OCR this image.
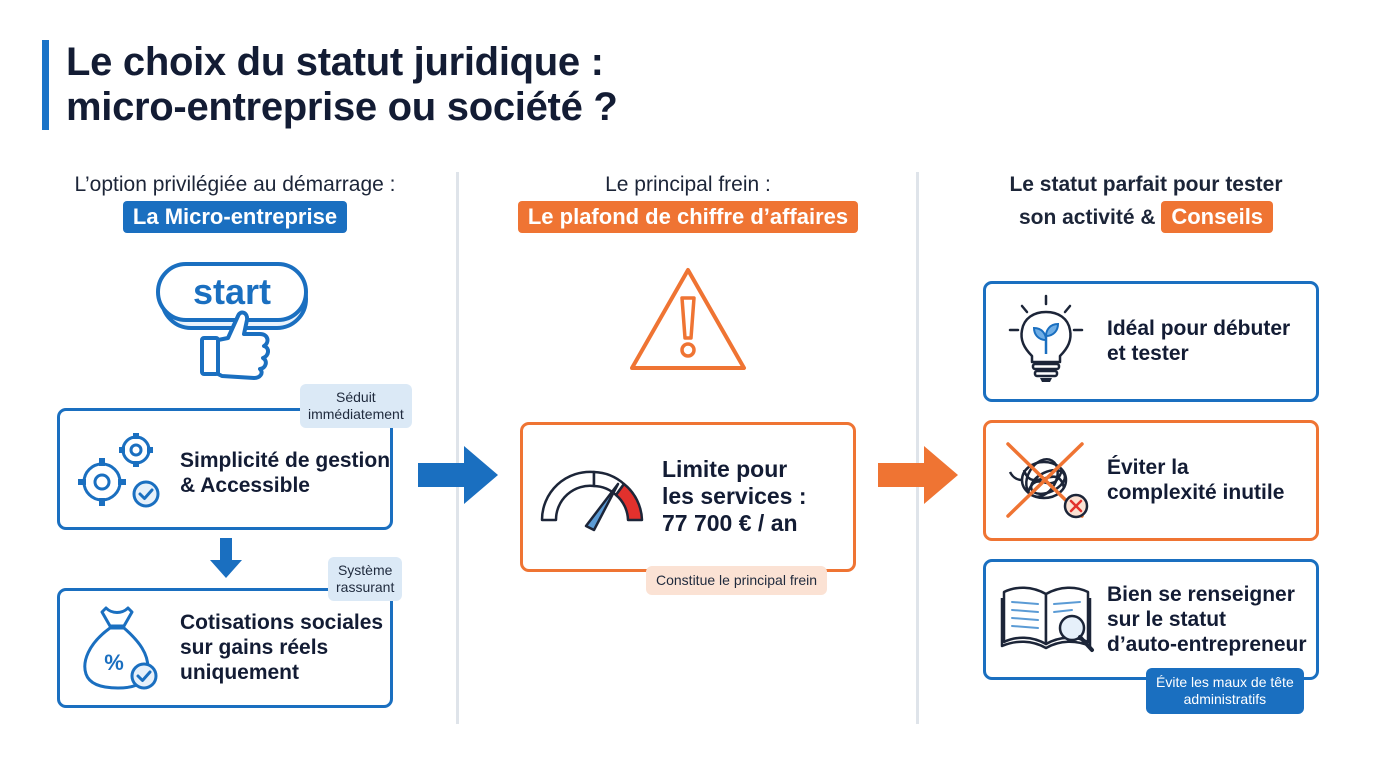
Le choix du statut juridique :
micro-entreprise ou société ?
L’option privilégiée au démarrage :
La Micro-entreprise
start
Simplicité de gestion
& Accessible
Séduit
immédiatement
%
Cotisations sociales
sur gains réels
uniquement
Système
rassurant
Le principal frein :
Le plafond de chiffre d’affaires
Limite pour
les services :
77 700 € / an
Constitue le principal frein
Le statut parfait pour tester
son activité & Conseils
Idéal pour débuter
et tester
Éviter la
complexité inutile
Bien se renseigner
sur le statut
d’auto-entrepreneur
Évite les maux de tête
administratifs
